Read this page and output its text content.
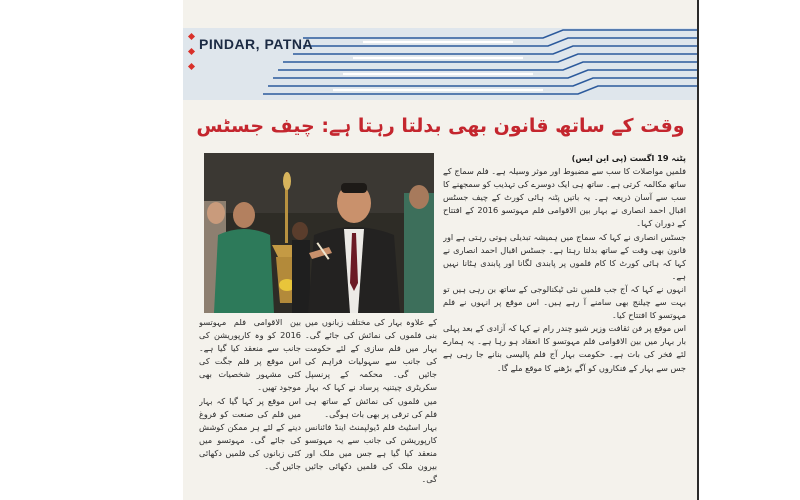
PINDAR, PATNA
وقت کے ساتھ قانون بھی بدلتا رہتا ہے: چیف جسٹس

پٹنہ 19 اگست (پی این ایس)

فلمیں مواصلات کا سب سے مضبوط اور موثر وسیلہ ہے۔ فلم سماج کے ساتھ مکالمہ کرتی ہے۔ ساتھ ہی ایک دوسرے کی تہذیب کو سمجھنے کا سب سے آسان ذریعہ ہے۔ یہ باتیں پٹنہ ہائی کورٹ کے چیف جسٹس اقبال احمد انصاری نے بہار بین الاقوامی فلم مہوتسو 2016 کے افتتاح کے دوران کہا۔

جسٹس انصاری نے کہا کہ سماج میں ہمیشہ تبدیلی ہوتی رہتی ہے اور قانون بھی وقت کے ساتھ بدلتا رہتا ہے۔ جسٹس اقبال احمد انصاری نے کہا کہ ہائی کورٹ کا کام فلموں پر پابندی لگانا اور پابندی ہٹانا نہیں ہے۔

انہوں نے کہا کہ آج جب فلمیں نئی ٹیکنالوجی کے ساتھ بن رہی ہیں تو بہت سے چیلنج بھی سامنے آ رہے ہیں۔ اس موقع پر انہوں نے فلم مہوتسو کا افتتاح کیا۔

اس موقع پر فن ثقافت وزیر شیو چندر رام نے کہا کہ آزادی کے بعد پہلی بار بہار میں بین الاقوامی فلم مہوتسو کا انعقاد ہو رہا ہے۔ یہ ہمارے لئے فخر کی بات ہے۔ حکومت بہار آج فلم پالیسی بنانے جا رہی ہے جس سے بہار کے فنکاروں کو آگے بڑھنے کا موقع ملے گا۔

کے علاوہ بہار کی مختلف زبانوں میں بنی فلموں کی نمائش کی جائے گی۔ بہار میں فلم سازی کے لئے حکومت کی جانب سے سہولیات فراہم کی جائیں گی۔ محکمہ کے پرنسپل سکریٹری چیتنیہ پرساد نے کہا کہ بہار میں فلموں کی نمائش کے ساتھ ہی فلم کی ترقی پر بھی بات ہوگی۔

بہار اسٹیٹ فلم ڈیولپمنٹ اینڈ فائنانس کارپوریشن کی جانب سے یہ مہوتسو منعقد کیا گیا ہے جس میں ملک اور بیرون ملک کی فلمیں دکھائی جائیں گی۔

بین الاقوامی فلم مہوتسو 2016 کو وہ کارپوریشن کی جانب سے منعقد کیا گیا ہے۔ اس موقع پر فلم جگت کی کئی مشہور شخصیات بھی موجود تھیں۔

اس موقع پر کہا گیا کہ بہار میں فلم کی صنعت کو فروغ دینے کے لئے ہر ممکن کوشش کی جائے گی۔ مہوتسو میں کئی زبانوں کی فلمیں دکھائی جائیں گی۔
